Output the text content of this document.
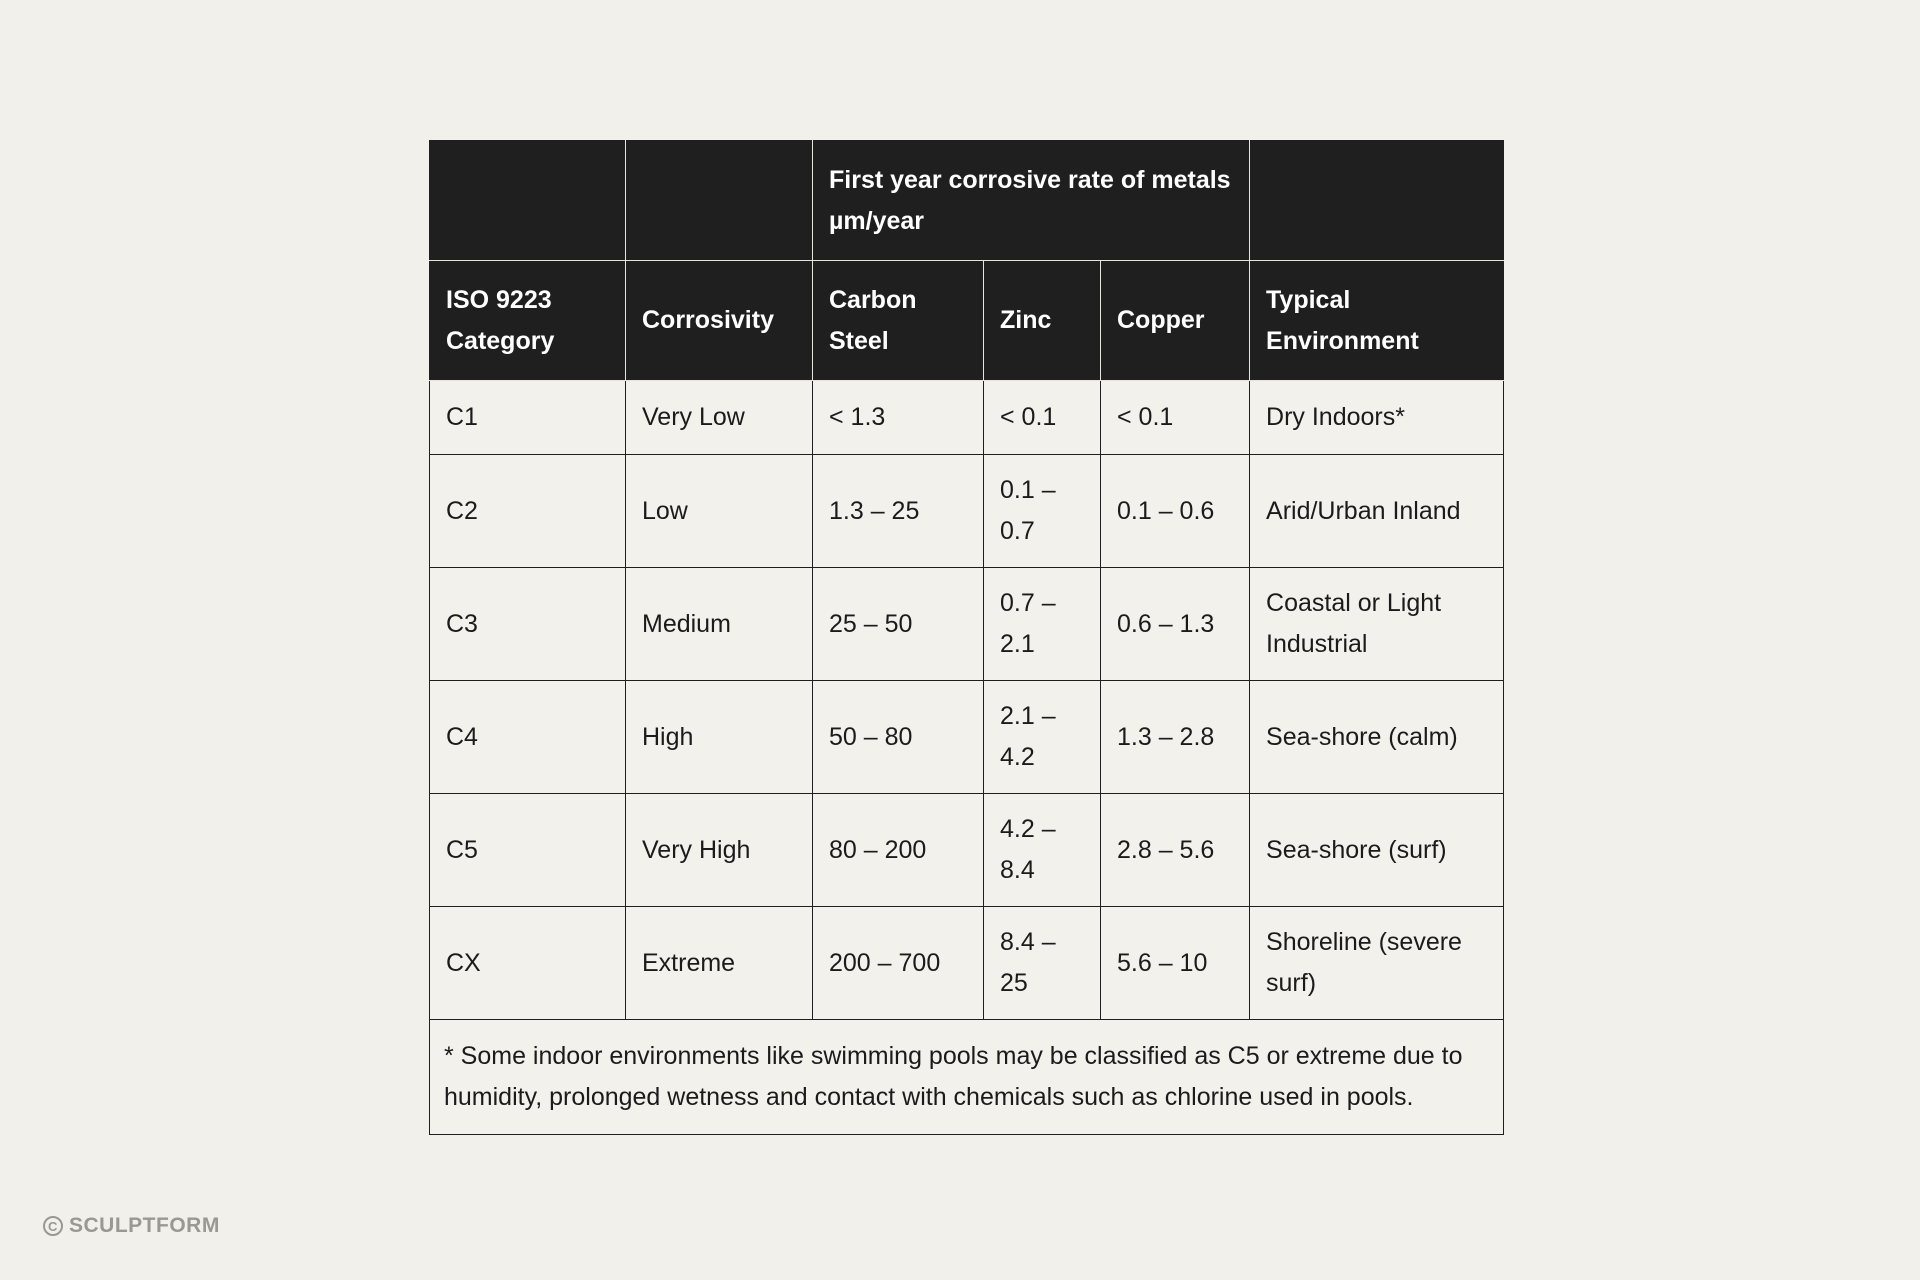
		First year corrosive rate of metals µm/year			
ISO 9223 Category	Corrosivity	Carbon Steel	Zinc	Copper	Typical Environment
C1	Very Low	< 1.3	< 0.1	< 0.1	Dry Indoors*
C2	Low	1.3 – 25	0.1 – 0.7	0.1 – 0.6	Arid/Urban Inland
C3	Medium	25 – 50	0.7 – 2.1	0.6 – 1.3	Coastal or Light Industrial
C4	High	50 – 80	2.1 – 4.2	1.3 – 2.8	Sea-shore (calm)
C5	Very High	80 – 200	4.2 – 8.4	2.8 – 5.6	Sea-shore (surf)
CX	Extreme	200 – 700	8.4 – 25	5.6 – 10	Shoreline (severe surf)
* Some indoor environments like swimming pools may be classified as C5 or extreme due to humidity, prolonged wetness and contact with chemicals such as chlorine used in pools.					
C SCULPTFORM
